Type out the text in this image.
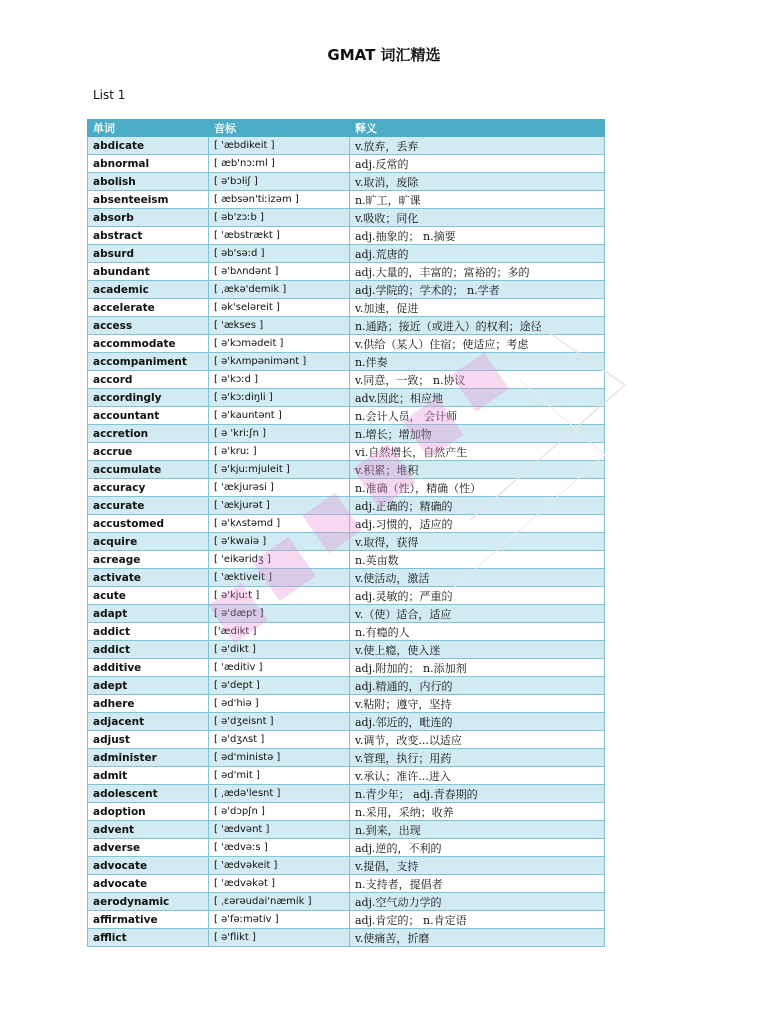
GMAT 词汇精选
List 1
单词	音标	释义
abdicate	[ 'æbdikeit ]	v.放弃，丢弃
abnormal	[ æb'nɔːml ]	adj.反常的
abolish	[ ə'bɔliʃ ]	v.取消，废除
absenteeism	[ æbsən'tiːizəm ]	n.旷工，旷课
absorb	[ əb'zɔːb ]	v.吸收；同化
abstract	[ 'æbstrækt ]	adj.抽象的； n.摘要
absurd	[ əb'səːd ]	adj.荒唐的
abundant	[ ə'bʌndənt ]	adj.大量的，丰富的；富裕的；多的
academic	[ ˌækə'demik ]	adj.学院的；学术的； n.学者
accelerate	[ ək'seləreit ]	v.加速，促进
access	[ 'ækses ]	n.通路；接近（或进入）的权利；途径
accommodate	[ ə'kɔmədeit ]	v.供给（某人）住宿；使适应；考虑
accompaniment	[ ə'kʌmpənimənt ]	n.伴奏
accord	[ ə'kɔːd ]	v.同意，一致； n.协议
accordingly	[ ə'kɔːdiŋli ]	adv.因此；相应地
accountant	[ ə'kauntənt ]	n.会计人员， 会计师
accretion	[ ə 'kriːʃn ]	n.增长；增加物
accrue	[ ə'kruː ]	vi.自然增长，自然产生
accumulate	[ ə'kjuːmjuleit ]	v.积累；堆积
accuracy	[ 'ækjurəsi ]	n.准确（性），精确（性）
accurate	[ 'ækjurət ]	adj.正确的；精确的
accustomed	[ ə'kʌstəmd ]	adj.习惯的，适应的
acquire	[ ə'kwaiə ]	v.取得，获得
acreage	[ 'eikəridʒ ]	n.英亩数
activate	[ 'æktiveit ]	v.使活动，激活
acute	[ ə'kjuːt ]	adj.灵敏的；严重的
adapt	[ ə'dæpt ]	v.（使）适合，适应
addict	['ædikt ]	n.有瘾的人
addict	[ ə'dikt ]	v.使上瘾，使入迷
additive	[ 'æditiv ]	adj.附加的； n.添加剂
adept	[ ə'dept ]	adj.精通的，内行的
adhere	[ əd'hiə ]	v.粘附；遵守，坚持
adjacent	[ ə'dʒeisnt ]	adj.邻近的，毗连的
adjust	[ ə'dʒʌst ]	v.调节，改变...以适应
administer	[ əd'ministə ]	v.管理，执行；用药
admit	[ əd'mit ]	v.承认；准许...进入
adolescent	[ ˌædə'lesnt ]	n.青少年； adj.青春期的
adoption	[ ə'dɔpʃn ]	n.采用，采纳；收养
advent	[ 'ædvənt ]	n.到来，出现
adverse	[ 'ædvəːs ]	adj.逆的，不利的
advocate	[ 'ædvəkeit ]	v.提倡，支持
advocate	[ 'ædvəkət ]	n.支持者，提倡者
aerodynamic	[ ˌɛərəudai'næmik ]	adj.空气动力学的
affirmative	[ ə'fəːmətiv ]	adj.肯定的； n.肯定语
afflict	[ ə'flikt ]	v.使痛苦，折磨
